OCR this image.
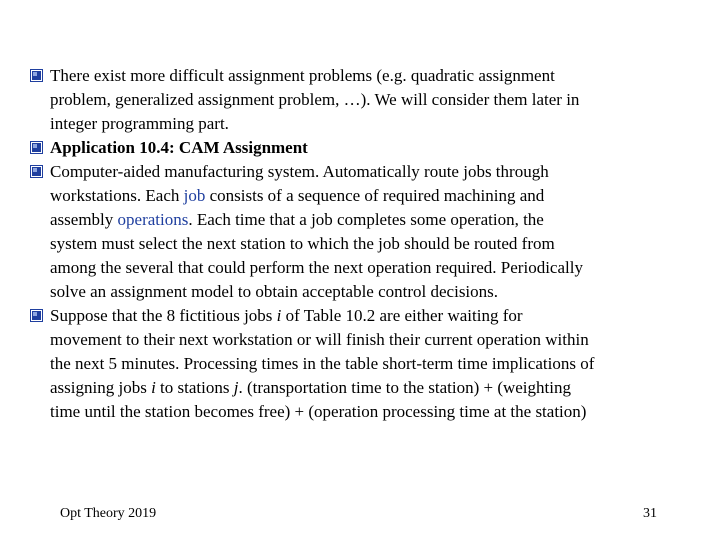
There exist more difficult assignment problems (e.g. quadratic assignment
problem, generalized assignment problem, …). We will consider them later in
integer programming part.

Application 10.4: CAM Assignment

Computer-aided manufacturing system. Automatically route jobs through
workstations. Each job consists of a sequence of required machining and
assembly operations. Each time that a job completes some operation, the
system must select the next station to which the job should be routed from
among the several that could perform the next operation required. Periodically
solve an assignment model to obtain acceptable control decisions.

Suppose that the 8 fictitious jobs i of Table 10.2 are either waiting for
movement to their next workstation or will finish their current operation within
the next 5 minutes. Processing times in the table short-term time implications of
assigning jobs i to stations j. (transportation time to the station) + (weighting
time until the station becomes free) + (operation processing time at the station)

Opt Theory 2019	31
